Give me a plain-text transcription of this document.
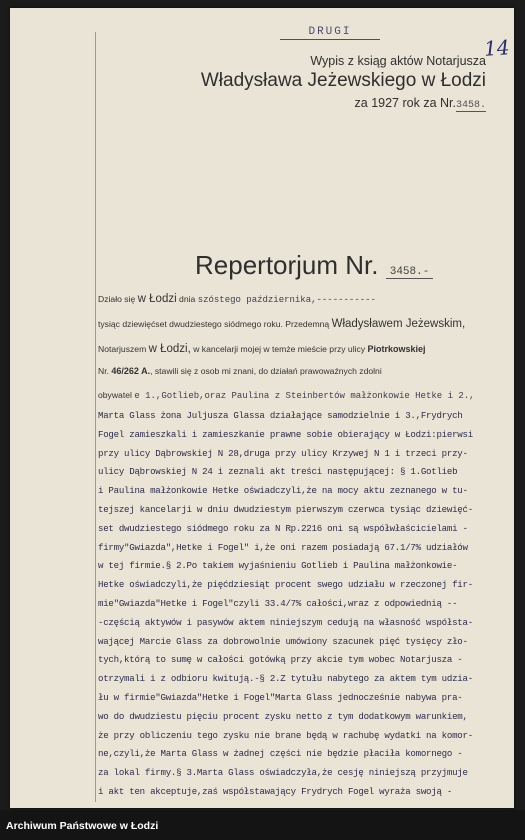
14
DRUGI
Wypis z ksiąg aktów Notarjusza
Władysława Jeżewskiego w Łodzi
za 1927 rok za Nr.3458.
Repertorjum Nr. 3458.-
Działo się w Łodzi dnia szóstego października,-----------
tysiąc dziewięćset dwudziestego siódmego roku. Przedemną Władysławem Jeżewskim,
Notarjuszem w Łodzi, w kancelarji mojej w temże mieście przy ulicy Piotrkowskiej
Nr. 46/262 A., stawili się z osob mi znani, do działań prawowaźnych zdolni
obywatel e 1.,Gotlieb,oraz Paulina z Steinbertów małżonkowie Hetke i 2.,
Marta Glass żona Juljusza Glassa działające samodzielnie i 3.,Frydrych
Fogel zamieszkali i zamieszkanie prawne sobie obierający w Łodzi:pierwsi
przy ulicy Dąbrowskiej N 28,druga przy ulicy Krzywej N 1 i trzeci przy-
ulicy Dąbrowskiej N 24 i zeznali akt treści następującej: § 1.Gotlieb
i Paulina małżonkowie Hetke oświadczyli,że na mocy aktu zeznanego w tu-
tejszej kancelarji w dniu dwudziestym pierwszym czerwca tysiąc dziewięć-
set dwudziestego siódmego roku za N Rp.2216 oni są współwłaścicielami -
firmy"Gwiazda",Hetke i Fogel" i,że oni razem posiadają 67.1/7% udziałów
w tej firmie.§ 2.Po takiem wyjaśnieniu Gotlieb i Paulina małżonkowie-
Hetke oświadczyli,że pięćdziesiąt procent swego udziału w rzeczonej fir-
mie"Gwiazda"Hetke i Fogel"czyli 33.4/7% całości,wraz z odpowiednią --
-częścią aktywów i pasywów aktem niniejszym cedują na własność współsta-
wającej Marcie Glass za dobrowolnie umówiony szacunek pięć tysięcy zło-
tych,którą to sumę w całości gotówką przy akcie tym wobec Notarjusza -
otrzymali i z odbioru kwitują.-§ 2.Z tytułu nabytego za aktem tym udzia-
łu w firmie"Gwiazda"Hetke i Fogel"Marta Glass jednocześnie nabywa pra-
wo do dwudziestu pięciu procent zysku netto z tym dodatkowym warunkiem,
że przy obliczeniu tego zysku nie brane będą w rachubę wydatki na komor-
ne,czyli,że Marta Glass w żadnej części nie będzie płaciła komornego -
za lokal firmy.§ 3.Marta Glass oświadczyła,że cesję niniejszą przyjmuje
i akt ten akceptuje,zaś współstawający Frydrych Fogel wyraża swoją -
Archiwum Państwowe w Łodzi
